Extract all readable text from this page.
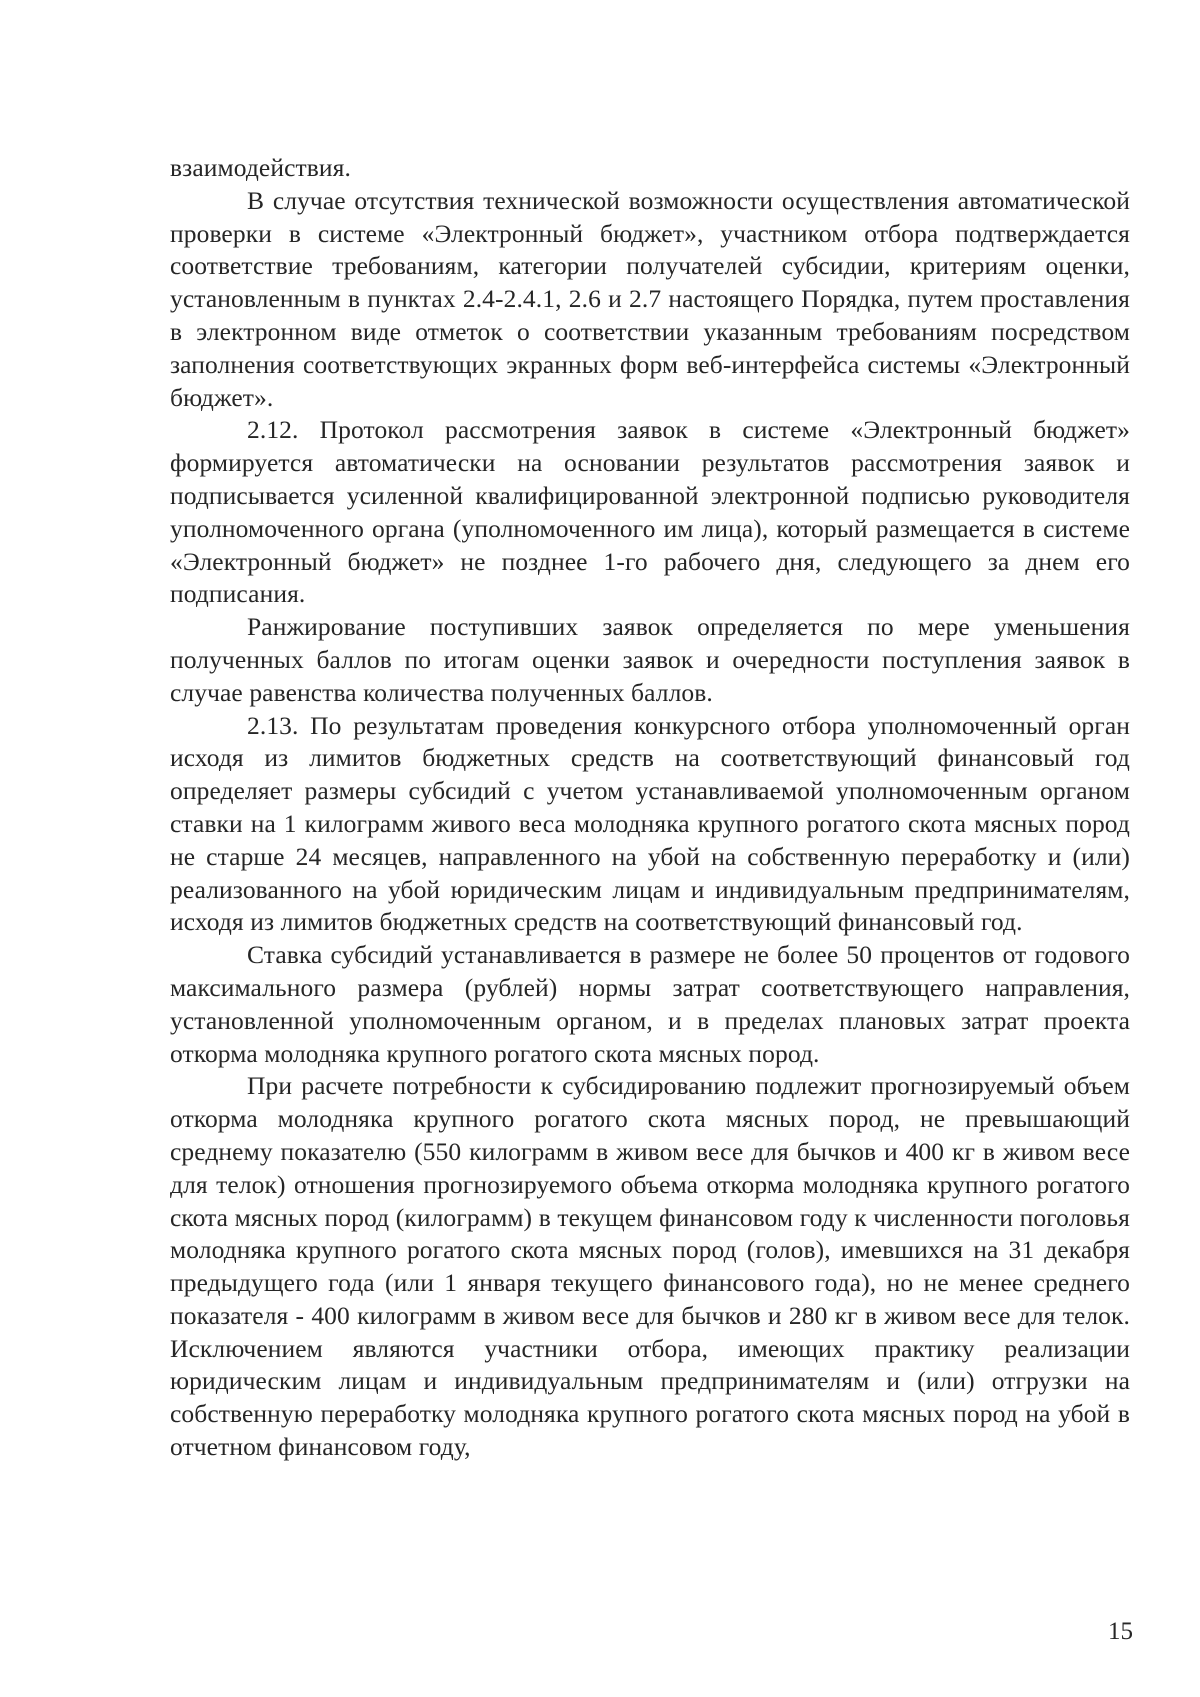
взаимодействия.

В случае отсутствия технической возможности осуществления автоматической проверки в системе «Электронный бюджет», участником отбора подтверждается соответствие требованиям, категории получателей субсидии, критериям оценки, установленным в пунктах 2.4-2.4.1, 2.6 и 2.7 настоящего Порядка, путем проставления в электронном виде отметок о соответствии указанным требованиям посредством заполнения соответствующих экранных форм веб-интерфейса системы «Электронный бюджет».

2.12. Протокол рассмотрения заявок в системе «Электронный бюджет» формируется автоматически на основании результатов рассмотрения заявок и подписывается усиленной квалифицированной электронной подписью руководителя уполномоченного органа (уполномоченного им лица), который размещается в системе «Электронный бюджет» не позднее 1-го рабочего дня, следующего за днем его подписания.

Ранжирование поступивших заявок определяется по мере уменьшения полученных баллов по итогам оценки заявок и очередности поступления заявок в случае равенства количества полученных баллов.

2.13. По результатам проведения конкурсного отбора уполномоченный орган исходя из лимитов бюджетных средств на соответствующий финансовый год определяет размеры субсидий с учетом устанавливаемой уполномоченным органом ставки на 1 килограмм живого веса молодняка крупного рогатого скота мясных пород не старше 24 месяцев, направленного на убой на собственную переработку и (или) реализованного на убой юридическим лицам и индивидуальным предпринимателям, исходя из лимитов бюджетных средств на соответствующий финансовый год.

Ставка субсидий устанавливается в размере не более 50 процентов от годового максимального размера (рублей) нормы затрат соответствующего направления, установленной уполномоченным органом, и в пределах плановых затрат проекта откорма молодняка крупного рогатого скота мясных пород.

При расчете потребности к субсидированию подлежит прогнозируемый объем откорма молодняка крупного рогатого скота мясных пород, не превышающий среднему показателю (550 килограмм в живом весе для бычков и 400 кг в живом весе для телок) отношения прогнозируемого объема откорма молодняка крупного рогатого скота мясных пород (килограмм) в текущем финансовом году к численности поголовья молодняка крупного рогатого скота мясных пород (голов), имевшихся на 31 декабря предыдущего года (или 1 января текущего финансового года), но не менее среднего показателя - 400 килограмм в живом весе для бычков и 280 кг в живом весе для телок. Исключением являются участники отбора, имеющих практику реализации юридическим лицам и индивидуальным предпринимателям и (или) отгрузки на собственную переработку молодняка крупного рогатого скота мясных пород на убой в отчетном финансовом году,

15
